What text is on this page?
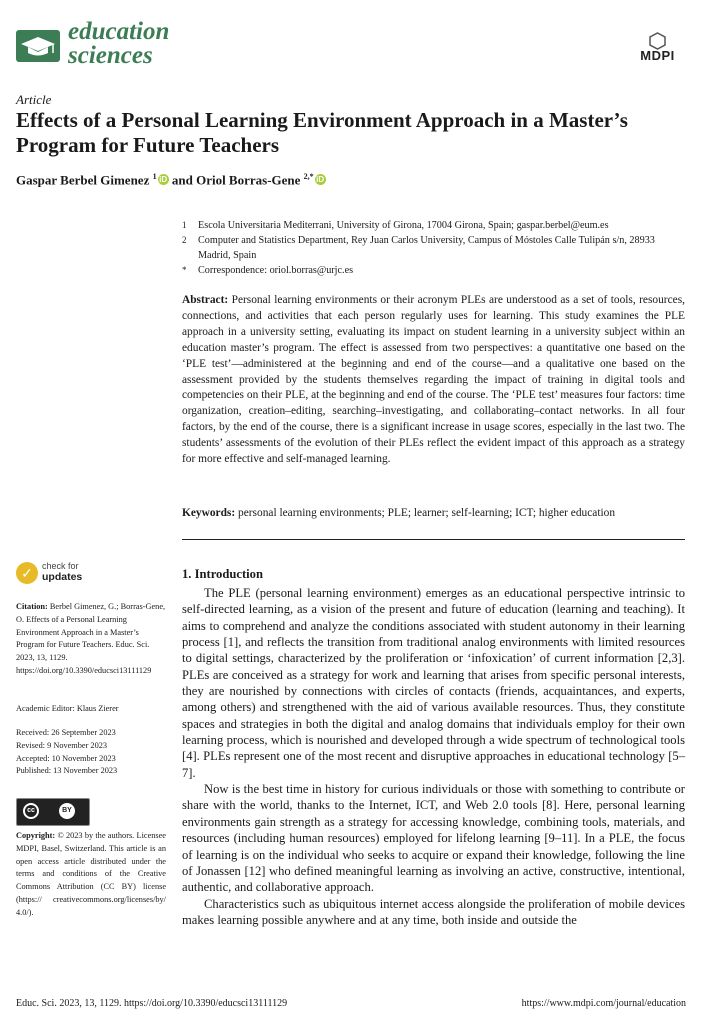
education
sciences	MDPI
Article
Effects of a Personal Learning Environment Approach in a Master’s Program for Future Teachers
Gaspar Berbel Gimenez $^1$ iD and Oriol Borras-Gene $^{2,*}$ iD
1	Escola Universitaria Mediterrani, University of Girona, 17004 Girona, Spain; gaspar.berbel@eum.es
2	Computer and Statistics Department, Rey Juan Carlos University, Campus of Móstoles Calle Tulipán s/n, 28933 Madrid, Spain
*	Correspondence: oriol.borras@urjc.es
Abstract: Personal learning environments or their acronym PLEs are understood as a set of tools, resources, connections, and activities that each person regularly uses for learning. This study examines the PLE approach in a university setting, evaluating its impact on student learning in a university subject within an education master’s program. The effect is assessed from two perspectives: a quantitative one based on the ‘PLE test’—administered at the beginning and end of the course—and a qualitative one based on the assessment provided by the students themselves regarding the impact of training in digital tools and competencies on their PLE, at the beginning and end of the course. The ‘PLE test’ measures four factors: time organization, creation–editing, searching–investigating, and collaborating–contact networks. In all four factors, by the end of the course, there is a significant increase in usage scores, especially in the last two. The students’ assessments of the evolution of their PLEs reflect the evident impact of this approach as a strategy for more effective and self-managed learning.
Keywords: personal learning environments; PLE; learner; self-learning; ICT; higher education
✓	check for
updates
Citation: Berbel Gimenez, G.; Borras-Gene, O. Effects of a Personal Learning Environment Approach in a Master’s Program for Future Teachers. Educ. Sci. 2023, 13, 1129. https://doi.org/10.3390/educsci13111129
Academic Editor: Klaus Zierer
Received: 26 September 2023
Revised: 9 November 2023
Accepted: 10 November 2023
Published: 13 November 2023
cc	BY
Copyright: © 2023 by the authors. Licensee MDPI, Basel, Switzerland. This article is an open access article distributed under the terms and conditions of the Creative Commons Attribution (CC BY) license (https:// creativecommons.org/licenses/by/ 4.0/).
1. Introduction

The PLE (personal learning environment) emerges as an educational perspective intrinsic to self-directed learning, as a vision of the present and future of education (learning and teaching). It aims to comprehend and analyze the conditions associated with student autonomy in their learning process [1], and reflects the transition from traditional analog environments with limited resources to digital settings, characterized by the proliferation or ‘infoxication’ of current information [2,3]. PLEs are conceived as a strategy for work and learning that arises from specific personal interests, they are nourished by connections with circles of contacts (friends, acquaintances, and experts, among others) and strengthened with the aid of various available resources. Thus, they constitute spaces and strategies in both the digital and analog domains that individuals employ for their own learning process, which is nourished and developed through a wide spectrum of technological tools [4]. PLEs represent one of the most recent and disruptive approaches in educational technology [5–7].

Now is the best time in history for curious individuals or those with something to contribute or share with the world, thanks to the Internet, ICT, and Web 2.0 tools [8]. Here, personal learning environments gain strength as a strategy for accessing knowledge, combining tools, materials, and resources (including human resources) employed for lifelong learning [9–11]. In a PLE, the focus of learning is on the individual who seeks to acquire or expand their knowledge, following the line of Jonassen [12] who defined meaningful learning as involving an active, constructive, intentional, authentic, and collaborative approach.

Characteristics such as ubiquitous internet access alongside the proliferation of mobile devices makes learning possible anywhere and at any time, both inside and outside the

Educ. Sci. 2023, 13, 1129. https://doi.org/10.3390/educsci13111129	https://www.mdpi.com/journal/education
